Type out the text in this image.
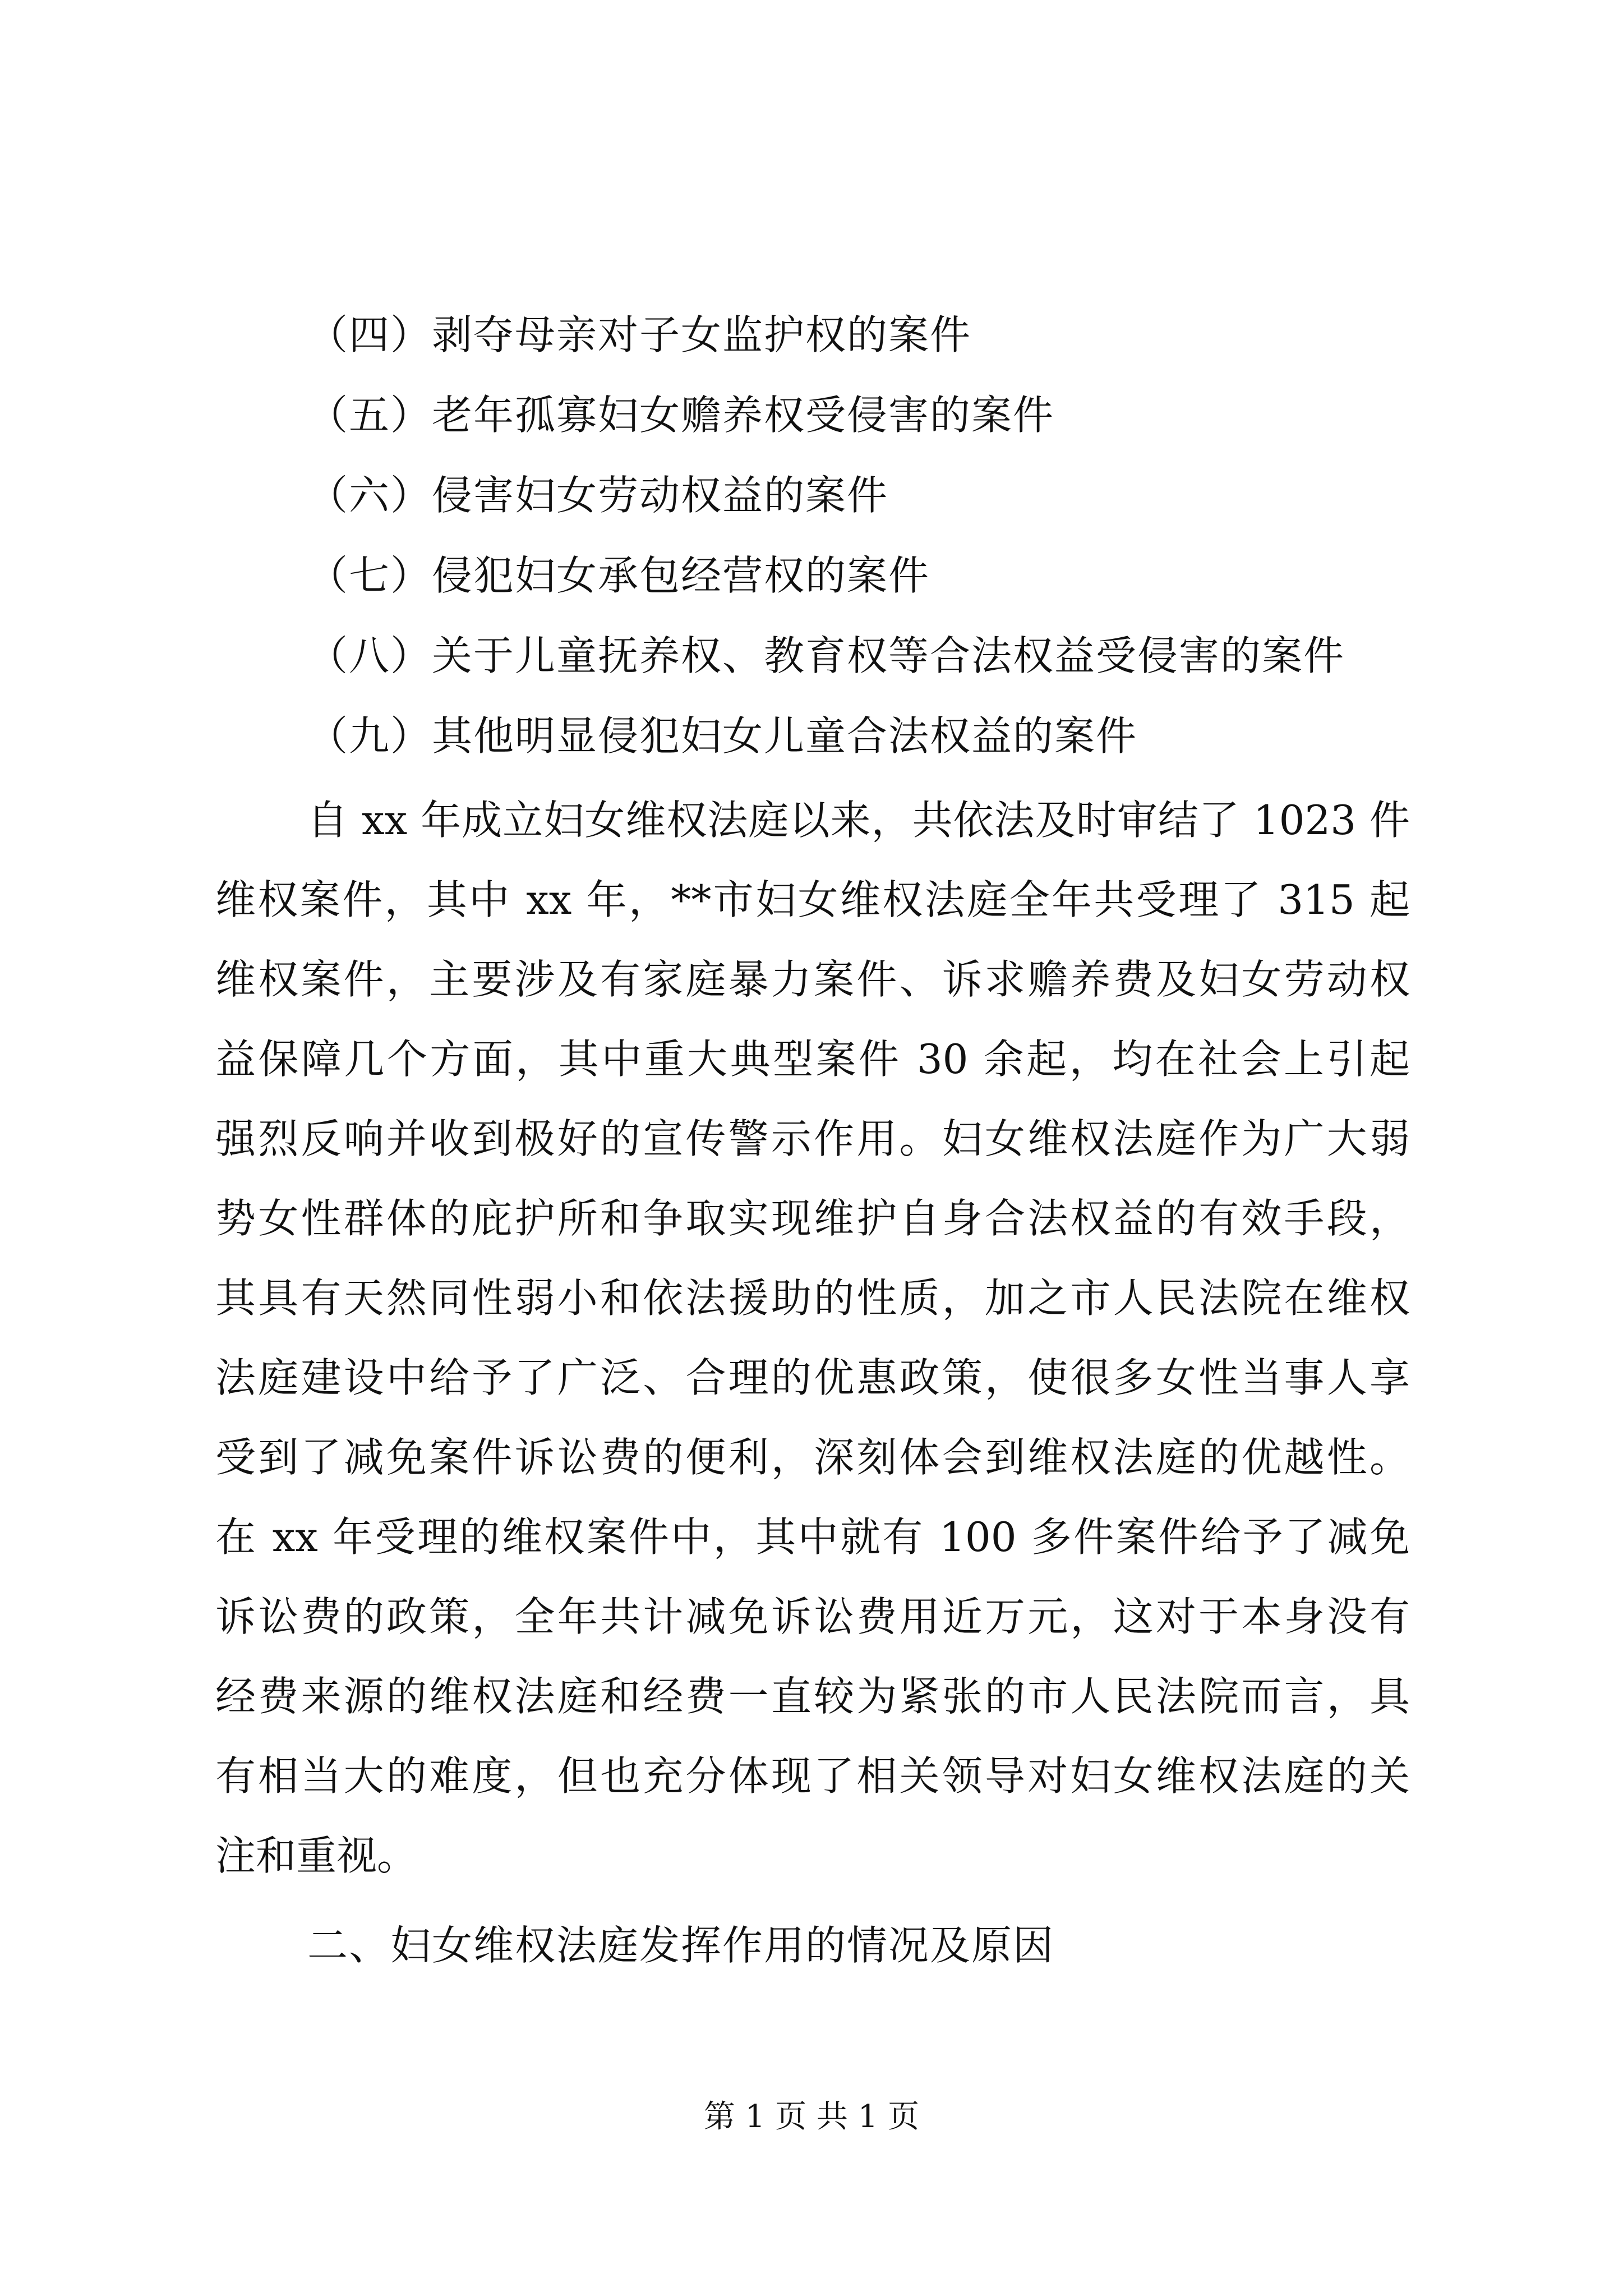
（四）剥夺母亲对子女监护权的案件
（五）老年孤寡妇女赡养权受侵害的案件
（六）侵害妇女劳动权益的案件
（七）侵犯妇女承包经营权的案件
（八）关于儿童抚养权、教育权等合法权益受侵害的案件
（九）其他明显侵犯妇女儿童合法权益的案件
自 xx 年成立妇女维权法庭以来，共依法及时审结了 1023 件
维权案件，其中 xx 年，**市妇女维权法庭全年共受理了 315 起
维权案件，主要涉及有家庭暴力案件、诉求赡养费及妇女劳动权
益保障几个方面，其中重大典型案件 30 余起，均在社会上引起
强烈反响并收到极好的宣传警示作用。妇女维权法庭作为广大弱
势女性群体的庇护所和争取实现维护自身合法权益的有效手段，
其具有天然同性弱小和依法援助的性质，加之市人民法院在维权
法庭建设中给予了广泛、合理的优惠政策，使很多女性当事人享
受到了减免案件诉讼费的便利，深刻体会到维权法庭的优越性。
在 xx 年受理的维权案件中，其中就有 100 多件案件给予了减免
诉讼费的政策，全年共计减免诉讼费用近万元，这对于本身没有
经费来源的维权法庭和经费一直较为紧张的市人民法院而言，具
有相当大的难度，但也充分体现了相关领导对妇女维权法庭的关
注和重视。
二、妇女维权法庭发挥作用的情况及原因
第 1 页 共 1 页
